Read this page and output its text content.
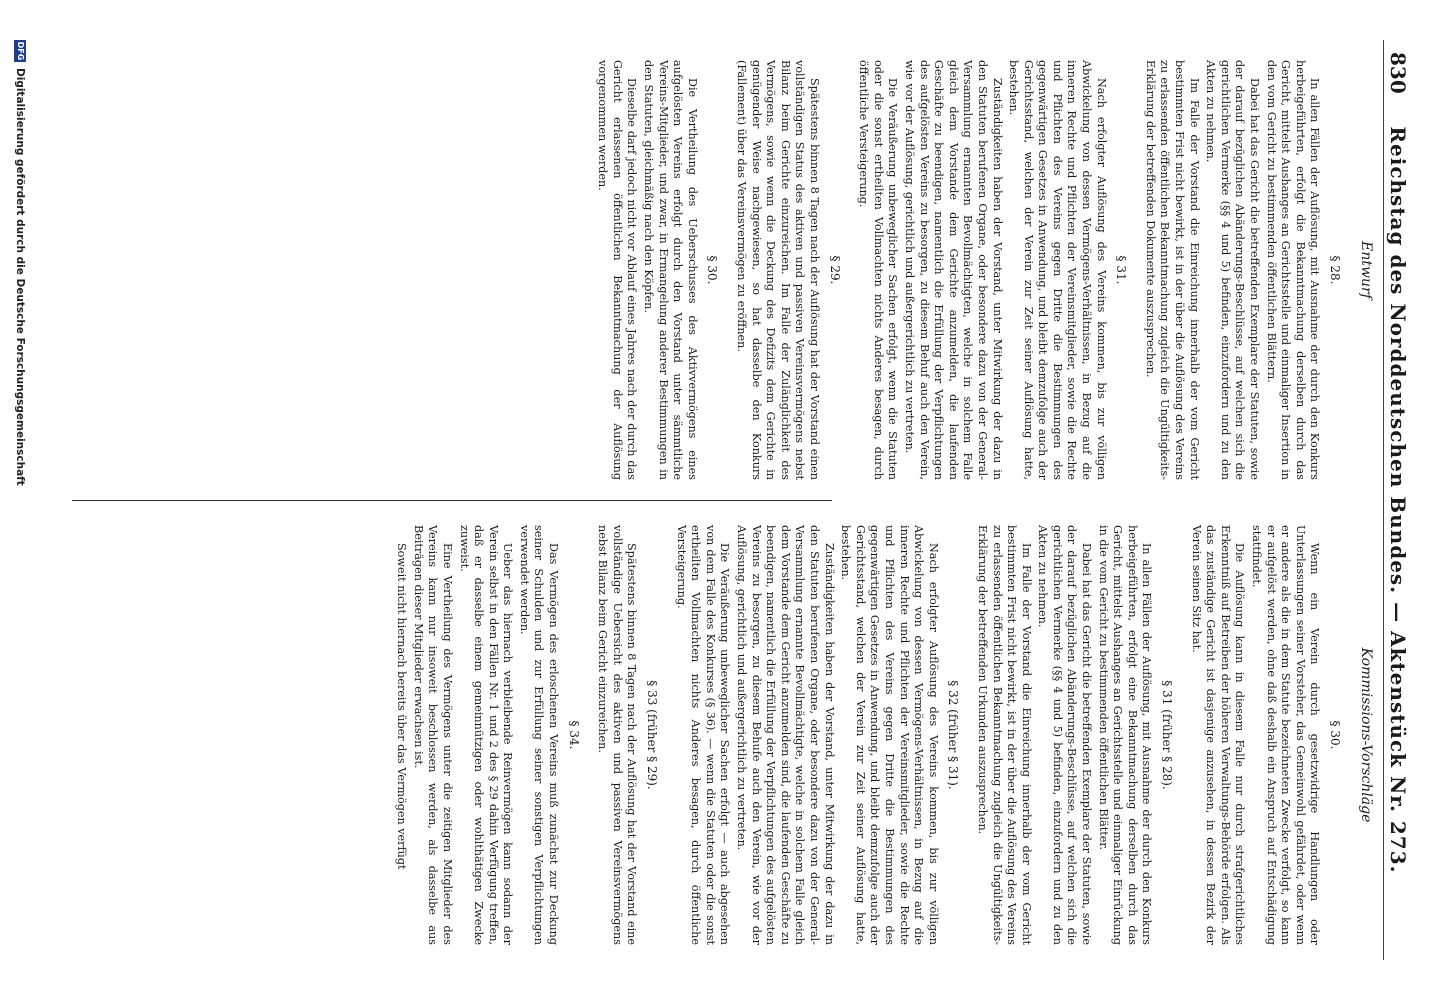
830
Reichstag des Norddeutschen Bundes. — Aktenstück Nr. 273.
Entwurf
Kommissions-Vorschläge
§ 28.

In allen Fällen der Auflösung, mit Ausnahme der durch den Konkurs herbeigeführten, erfolgt die Bekanntmachung derselben durch das Gericht, mittelst Aushanges an Gerichtsstelle und einmaliger Insertion in den vom Gericht zu bestimmenden öffentlichen Blättern.

Dabei hat das Gericht die betreffenden Exemplare der Statuten, sowie der darauf bezüglichen Abänderungs-Beschlüsse, auf welchen sich die gerichtlichen Vermerke (§§ 4 und 5) befinden, einzufordern und zu den Akten zu nehmen.

Im Falle der Vorstand die Einreichung innerhalb der vom Gericht bestimmten Frist nicht bewirkt, ist in der über die Auflösung des Vereins zu erlassenden öffentlichen Bekanntmachung zugleich die Ungültigkeits-Erklärung der betreffenden Dokumente auszusprechen.

§ 31.

Nach erfolgter Auflösung des Vereins kommen, bis zur völligen Abwickelung von dessen Vermögens-Verhältnissen, in Bezug auf die inneren Rechte und Pflichten der Vereinsmitglieder, sowie die Rechte und Pflichten des Vereins gegen Dritte die Bestimmungen des gegenwärtigen Gesetzes in Anwendung, und bleibt demzufolge auch der Gerichtsstand, welchen der Verein zur Zeit seiner Auflösung hatte, bestehen.

Zuständigkeiten haben der Vorstand, unter Mitwirkung der dazu in den Statuten berufenen Organe, oder besondere dazu von der General-Versammlung ernannten Bevollmächtigten, welche in solchem Falle gleich dem Vorstande dem Gerichte anzumelden, die laufenden Geschäfte zu beendigen, namentlich die Erfüllung der Verpflichtungen des aufgelösten Vereins zu besorgen, zu diesem Behuf auch den Verein, wie vor der Auflösung, gerichtlich und außergerichtlich zu vertreten.

Die Veräußerung unbeweglicher Sachen erfolgt, wenn die Statuten oder die sonst ertheilten Vollmachten nichts Anderes besagen, durch öffentliche Versteigerung.

§ 29.

Spätestens binnen 8 Tagen nach der Auflösung hat der Vorstand einen vollständigen Status des aktiven und passiven Vereinsvermögens nebst Bilanz beim Gerichte einzureichen. Im Falle der Zulänglichkeit des Vermögens, sowie wenn die Deckung des Defizits dem Gerichte in genügender Weise nachgewiesen, so hat dasselbe den Konkurs (Fallement) über das Vereinsvermögen zu eröffnen.

§ 30.

Die Vertheilung des Ueberschusses des Aktivvermögens eines aufgelösten Vereins erfolgt durch den Vorstand unter sämmtliche Vereins-Mitglieder, und zwar, in Ermangelung anderer Bestimmungen in den Statuten, gleichmäßig nach den Köpfen.

Dieselbe darf jedoch nicht vor Ablauf eines Jahres nach der durch das Gericht erlassenen öffentlichen Bekanntmachung der Auflösung vorgenommen werden.

§ 30.

Wenn ein Verein durch gesetzwidrige Handlungen oder Unterlassungen seiner Vorsteher, das Gemeinwohl gefährdet, oder wenn er andere als die in dem Statute bezeichneten Zwecke verfolgt, so kann er aufgelöst werden, ohne daß deshalb ein Anspruch auf Entschädigung stattfindet.

Die Auflösung kann in diesem Falle nur durch strafgerichtliches Erkenntniß auf Betreiben der höheren Verwaltungs-Behörde erfolgen. Als das zuständige Gericht ist dasjenige anzusehen, in dessen Bezirk der Verein seinen Sitz hat.

§ 31 (früher § 28).

In allen Fällen der Auflösung, mit Ausnahme der durch den Konkurs herbeigeführten, erfolgt eine Bekanntmachung derselben durch das Gericht, mittelst Aushanges an Gerichtsstelle und einmaliger Einrückung in die vom Gericht zu bestimmenden öffentlichen Blätter.

Dabei hat das Gericht die betreffenden Exemplare der Statuten, sowie der darauf bezüglichen Abänderungs-Beschlüsse, auf welchen sich die gerichtlichen Vermerke (§§ 4 und 5) befinden, einzufordern und zu den Akten zu nehmen.

Im Falle der Vorstand die Einreichung innerhalb der vom Gericht bestimmten Frist nicht bewirkt, ist in der über die Auflösung des Vereins zu erlassenden öffentlichen Bekanntmachung zugleich die Ungültigkeits-Erklärung der betreffenden Urkunden auszusprechen.

§ 32 (früher § 31).

Nach erfolgter Auflösung des Vereins kommen, bis zur völligen Abwickelung von dessen Vermögens-Verhältnissen, in Bezug auf die inneren Rechte und Pflichten der Vereinsmitglieder, sowie die Rechte und Pflichten des Vereins gegen Dritte die Bestimmungen des gegenwärtigen Gesetzes in Anwendung, und bleibt demzufolge auch der Gerichtsstand, welchen der Verein zur Zeit seiner Auflösung hatte, bestehen.

Zuständigkeiten haben der Vorstand, unter Mitwirkung der dazu in den Statuten berufenen Organe, oder besondere dazu von der General-Versammlung ernannte Bevollmächtigte, welche in solchem Falle gleich dem Vorstande dem Gericht anzumelden sind, die laufenden Geschäfte zu beendigen, namentlich die Erfüllung der Verpflichtungen des aufgelösten Vereins zu besorgen, zu diesem Behufe auch den Verein, wie vor der Auflösung, gerichtlich und außergerichtlich zu vertreten.

Die Veräußerung unbeweglicher Sachen erfolgt — auch abgesehen von dem Falle des Konkurses (§ 36). — wenn die Statuten oder die sonst ertheilten Vollmachten nichts Anderes besagen, durch öffentliche Versteigerung.

§ 33 (früher § 29).

Spätestens binnen 8 Tagen nach der Auflösung hat der Vorstand eine vollständige Uebersicht des aktiven und passiven Vereinsvermögens nebst Bilanz beim Gericht einzureichen.

§ 34.

Das Vermögen des erloschenen Vereins muß zunächst zur Deckung seiner Schulden und zur Erfüllung seiner sonstigen Verpflichtungen verwendet werden.

Ueber das hiernach verbleibende Reinvermögen kann sodann der Verein selbst in den Fällen Nr. 1 und 2 des § 29 dahin Verfügung treffen, daß er dasselbe einem gemeinnützigen oder wohlthätigen Zwecke zuweist.

Eine Vertheilung des Vermögens unter die zeitigen Mitglieder des Vereins kann nur insoweit beschlossen werden, als dasselbe aus Beiträgen dieser Mitglieder erwachsen ist.

Soweit nicht hiernach bereits über das Vermögen verfügt

DFGDigitalisierung gefördert durch die Deutsche Forschungsgemeinschaft
